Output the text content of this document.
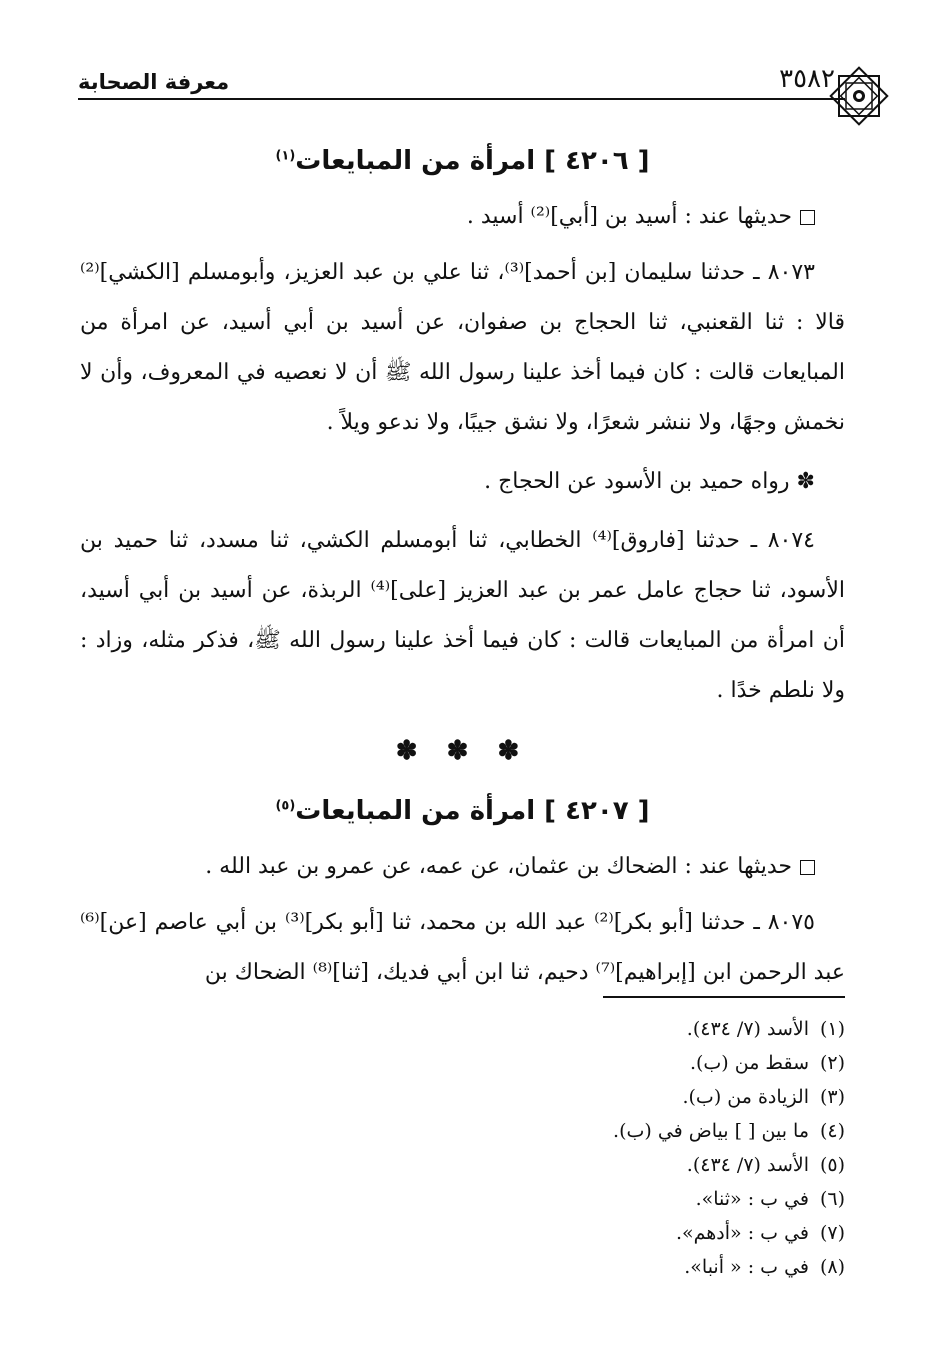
٣٥٨٢
معرفة الصحابة
[ ٤٢٠٦ ] امرأة من المبايعات$^{(١)}$
حديثها عند : أسيد بن [أبي]⁽²⁾ أسيد .

٨٠٧٣ ـ حدثنا سليمان [بن أحمد]⁽³⁾، ثنا علي بن عبد العزيز، وأبومسلم [الكشي]⁽²⁾ قالا : ثنا القعنبي، ثنا الحجاج بن صفوان، عن أسيد بن أبي أسيد، عن امرأة من المبايعات قالت : كان فيما أخذ علينا رسول الله ﷺ أن لا نعصيه في المعروف، وأن لا نخمش وجهًا، ولا ننشر شعرًا، ولا نشق جيبًا، ولا ندعو ويلاً .

✽ رواه حميد بن الأسود عن الحجاج .

٨٠٧٤ ـ حدثنا [فاروق]⁽⁴⁾ الخطابي، ثنا أبومسلم الكشي، ثنا مسدد، ثنا حميد بن الأسود، ثنا حجاج عامل عمر بن عبد العزيز [على]⁽⁴⁾ الربذة، عن أسيد بن أبي أسيد، أن امرأة من المبايعات قالت : كان فيما أخذ علينا رسول الله ﷺ، فذكر مثله، وزاد : ولا نلطم خدًا .

✽ ✽ ✽
[ ٤٢٠٧ ] امرأة من المبايعات$^{(٥)}$
حديثها عند : الضحاك بن عثمان، عن عمه، عن عمرو بن عبد الله .

٨٠٧٥ ـ حدثنا [أبو بكر]⁽²⁾ عبد الله بن محمد، ثنا [أبو بكر]⁽³⁾ بن أبي عاصم [عن]⁽⁶⁾ عبد الرحمن ابن [إبراهيم]⁽⁷⁾ دحيم، ثنا ابن أبي فديك، [ثنا]⁽⁸⁾ الضحاك بن

(١)الأسد (٧/ ٤٣٤).
(٢)سقط من (ب).
(٣)الزيادة من (ب).
(٤)ما بين [ ] بياض في (ب).
(٥)الأسد (٧/ ٤٣٤).
(٦)في ب : «ثنا».
(٧)في ب : «أدهم».
(٨)في ب : « أنبا».
